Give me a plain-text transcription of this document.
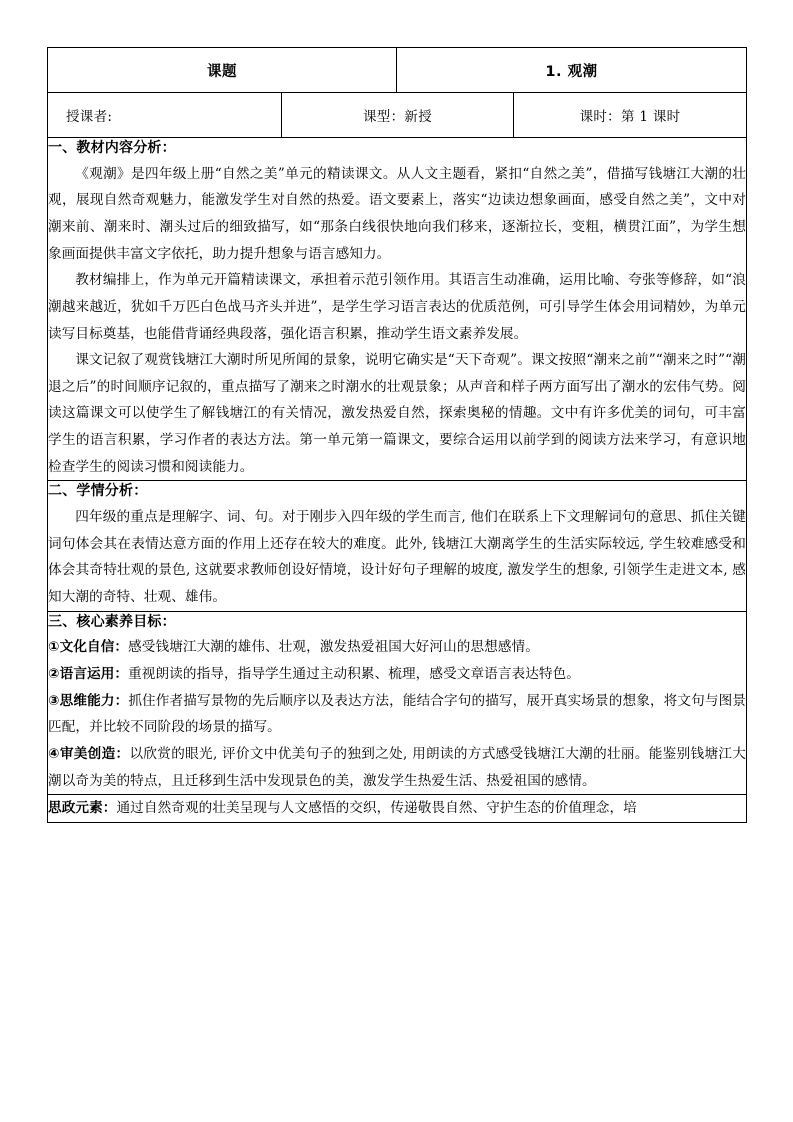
课题		1. 观潮	
授课者:	课型：新授		课时：第 1 课时

一、教材内容分析：

《观潮》是四年级上册“自然之美”单元的精读课文。从人文主题看，紧扣“自然之美”，借描写钱塘江大潮的壮观，展现自然奇观魅力，能激发学生对自然的热爱。语文要素上，落实“边读边想象画面，感受自然之美”，文中对潮来前、潮来时、潮头过后的细致描写，如“那条白线很快地向我们移来，逐渐拉长，变粗，横贯江面”，为学生想象画面提供丰富文字依托，助力提升想象与语言感知力。

教材编排上，作为单元开篇精读课文，承担着示范引领作用。其语言生动准确，运用比喻、夸张等修辞，如“浪潮越来越近，犹如千万匹白色战马齐头并进”，是学生学习语言表达的优质范例，可引导学生体会用词精妙，为单元读写目标奠基，也能借背诵经典段落，强化语言积累，推动学生语文素养发展。

课文记叙了观赏钱塘江大潮时所见所闻的景象，说明它确实是“天下奇观”。课文按照“潮来之前”“潮来之时”“潮退之后”的时间顺序记叙的，重点描写了潮来之时潮水的壮观景象；从声音和样子两方面写出了潮水的宏伟气势。阅读这篇课文可以使学生了解钱塘江的有关情况，激发热爱自然，探索奥秘的情趣。文中有许多优美的词句，可丰富学生的语言积累，学习作者的表达方法。第一单元第一篇课文，要综合运用以前学到的阅读方法来学习，有意识地检查学生的阅读习惯和阅读能力。			

二、学情分析：

四年级的重点是理解字、词、句。对于刚步入四年级的学生而言, 他们在联系上下文理解词句的意思、抓住关键词句体会其在表情达意方面的作用上还存在较大的难度。此外, 钱塘江大潮离学生的生活实际较远, 学生较难感受和体会其奇特壮观的景色, 这就要求教师创设好情境，设计好句子理解的坡度, 激发学生的想象, 引领学生走进文本, 感知大潮的奇特、壮观、雄伟。			

三、核心素养目标：

①文化自信：感受钱塘江大潮的雄伟、壮观，激发热爱祖国大好河山的思想感情。

②语言运用：重视朗读的指导，指导学生通过主动积累、梳理，感受文章语言表达特色。

③思维能力：抓住作者描写景物的先后顺序以及表达方法，能结合字句的描写，展开真实场景的想象，将文句与图景匹配，并比较不同阶段的场景的描写。

④审美创造：以欣赏的眼光, 评价文中优美句子的独到之处, 用朗读的方式感受钱塘江大潮的壮丽。能鉴别钱塘江大潮以奇为美的特点，且迁移到生活中发现景色的美，激发学生热爱生活、热爱祖国的感情。			

思政元素：通过自然奇观的壮美呈现与人文感悟的交织，传递敬畏自然、守护生态的价值理念，培			
